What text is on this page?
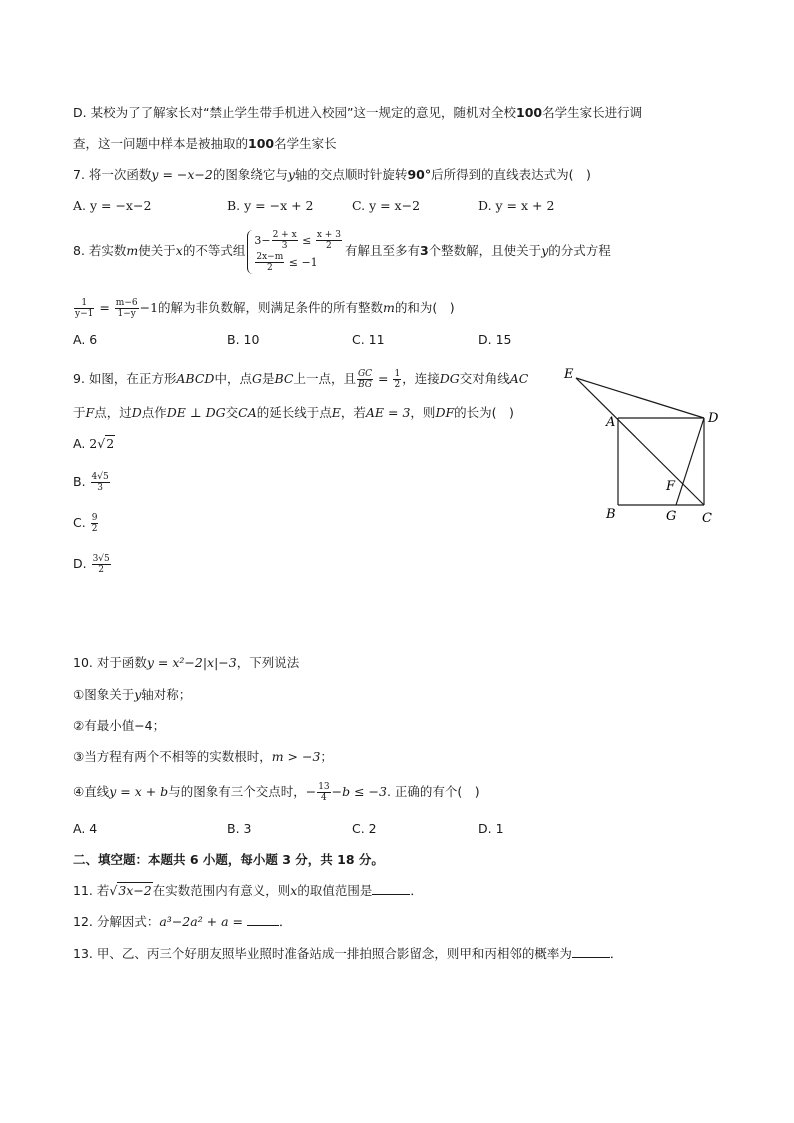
D. 某校为了了解家长对“禁止学生带手机进入校园”这一规定的意见，随机对全校100名学生家长进行调
查，这一问题中样本是被抽取的100名学生家长
7. 将一次函数y = −x−2的图象绕它与y轴的交点顺时针旋转90°后所得到的直线表达式为(　)
A. y = −x−2	B. y = −x + 2	C. y = x−2	D. y = x + 2
8. 若实数m使关于x的不等式组
$3- \frac{2 + x}{3} \le \frac{x + 3}{2}$
$\frac{2x-m}{2} \le -1$
有解且至多有3个整数解，且使关于y的分式方程
$\frac{1}{y-1} = \frac{m-6}{1-y} -1$的解为非负数解，则满足条件的所有整数m的和为(　)
A. 6	B. 10	C. 11	D. 15
9. 如图，在正方形ABCD中，点G是BC上一点，且 $\frac{GC}{BG} = \frac{1}{2}$ ，连接DG交对角线AC
于F点，过D点作DE ⊥ DG交CA的延长线于点E，若AE = 3，则DF的长为(　)
A. 2√2
B. $\frac{4√5}{3}$
C. $\frac{9}{2}$
D. $\frac{3√5}{2}$
E
D
A
F
B	G C
10. 对于函数y = x²−2|x|−3，下列说法
①图象关于y轴对称；
②有最小值−4；
③当方程有两个不相等的实数根时，m > −3；
④直线y = x + b与的图象有三个交点时，− $\frac{13}{4} -b \le -3$. 正确的有个(　)
A. 4	B. 3	C. 2	D. 1
二、填空题：本题共 6 小题，每小题 3 分，共 18 分。
11. 若√3x−2在实数范围内有意义，则x的取值范围是	．
12. 分解因式：a³−2a² + a =	．
13. 甲、乙、丙三个好朋友照毕业照时准备站成一排拍照合影留念，则甲和丙相邻的概率为	．
